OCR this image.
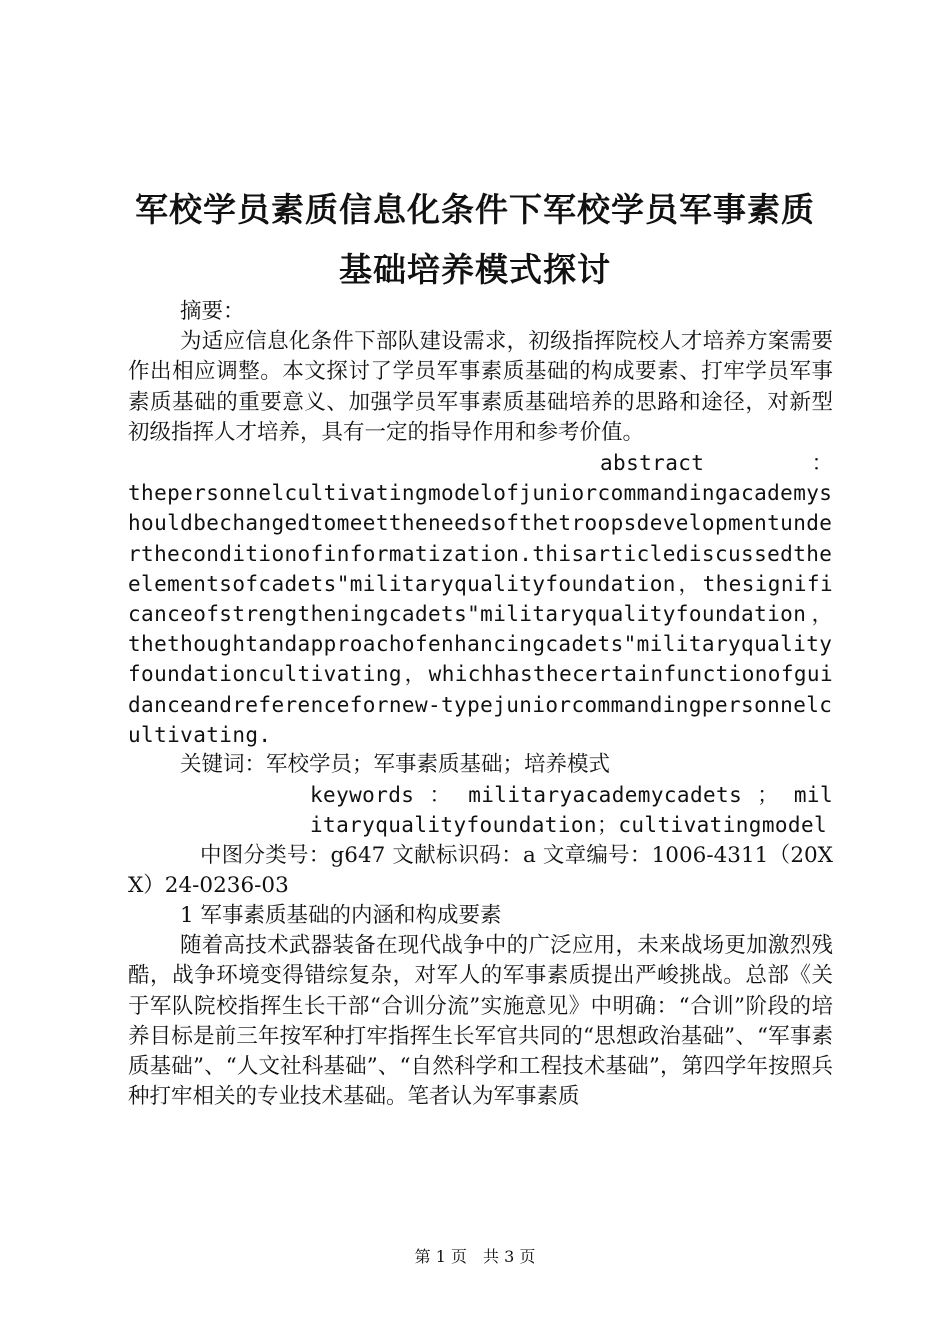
军校学员素质信息化条件下军校学员军事素质
基础培养模式探讨

摘要：

为适应信息化条件下部队建设需求，初级指挥院校人才培养方案需要作出相应调整。本文探讨了学员军事素质基础的构成要素、打牢学员军事素质基础的重要意义、加强学员军事素质基础培养的思路和途径，对新型初级指挥人才培养，具有一定的指导作用和参考价值。

：
abstract

thepersonnelcultivatingmodelofjuniorcommandingacademyshouldbechangedtomeettheneedsofthetroopsdevelopmentundertheconditionofinformatization.thisarticlediscussedtheelementsofcadets"militaryqualityfoundation，thesignificanceofstrengtheningcadets"militaryqualityfoundation，thethoughtandapproachofenhancingcadets"militaryqualityfoundationcultivating，whichhasthecertainfunctionofguidanceandreferencefornew-typejuniorcommandingpersonnelcultivating.

关键词：军校学员；军事素质基础；培养模式

keywords ： militaryacademycadets ； militaryqualityfoundation；cultivatingmodel

中图分类号：g647 文献标识码：a 文章编号：1006-4311（20XX）24-0236-03

1 军事素质基础的内涵和构成要素

随着高技术武器装备在现代战争中的广泛应用，未来战场更加激烈残酷，战争环境变得错综复杂，对军人的军事素质提出严峻挑战。总部《关于军队院校指挥生长干部“合训分流”实施意见》中明确：“合训”阶段的培养目标是前三年按军种打牢指挥生长军官共同的“思想政治基础”、“军事素质基础”、“人文社科基础”、“自然科学和工程技术基础”，第四学年按照兵种打牢相关的专业技术基础。笔者认为军事素质

第 1 页　共 3 页
